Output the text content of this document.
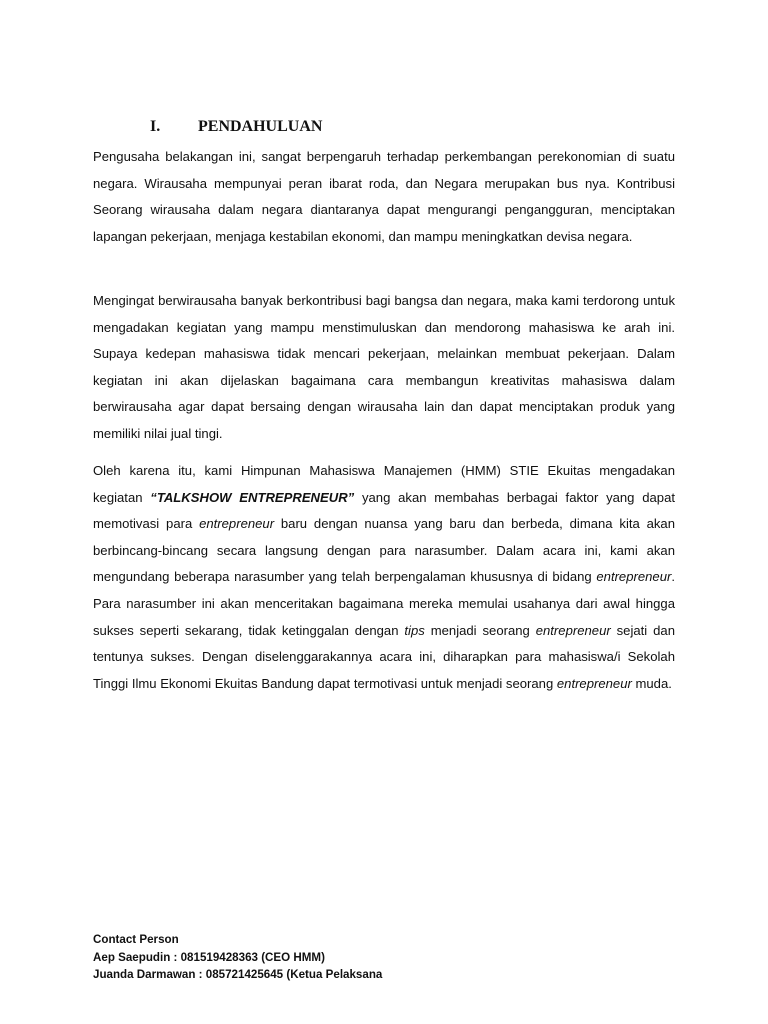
I. PENDAHULUAN

Pengusaha belakangan ini, sangat berpengaruh terhadap perkembangan perekonomian di suatu negara. Wirausaha mempunyai peran ibarat roda, dan Negara merupakan bus nya. Kontribusi Seorang wirausaha dalam negara diantaranya dapat mengurangi pengangguran, menciptakan lapangan pekerjaan, menjaga kestabilan ekonomi, dan mampu meningkatkan devisa negara.

Mengingat berwirausaha banyak berkontribusi bagi bangsa dan negara, maka kami terdorong untuk mengadakan kegiatan yang mampu menstimuluskan dan mendorong mahasiswa ke arah ini. Supaya kedepan mahasiswa tidak mencari pekerjaan, melainkan membuat pekerjaan. Dalam kegiatan ini akan dijelaskan bagaimana cara membangun kreativitas mahasiswa dalam berwirausaha agar dapat bersaing dengan wirausaha lain dan dapat menciptakan produk yang memiliki nilai jual tingi.

Oleh karena itu, kami Himpunan Mahasiswa Manajemen (HMM) STIE Ekuitas mengadakan kegiatan “TALKSHOW ENTREPRENEUR” yang akan membahas berbagai faktor yang dapat memotivasi para entrepreneur baru dengan nuansa yang baru dan berbeda, dimana kita akan berbincang-bincang secara langsung dengan para narasumber. Dalam acara ini, kami akan mengundang beberapa narasumber yang telah berpengalaman khususnya di bidang entrepreneur. Para narasumber ini akan menceritakan bagaimana mereka memulai usahanya dari awal hingga sukses seperti sekarang, tidak ketinggalan dengan tips menjadi seorang entrepreneur sejati dan tentunya sukses. Dengan diselenggarakannya acara ini, diharapkan para mahasiswa/i Sekolah Tinggi Ilmu Ekonomi Ekuitas Bandung dapat termotivasi untuk menjadi seorang entrepreneur muda.

Contact Person
Aep Saepudin : 081519428363 (CEO HMM)
Juanda Darmawan : 085721425645 (Ketua Pelaksana
